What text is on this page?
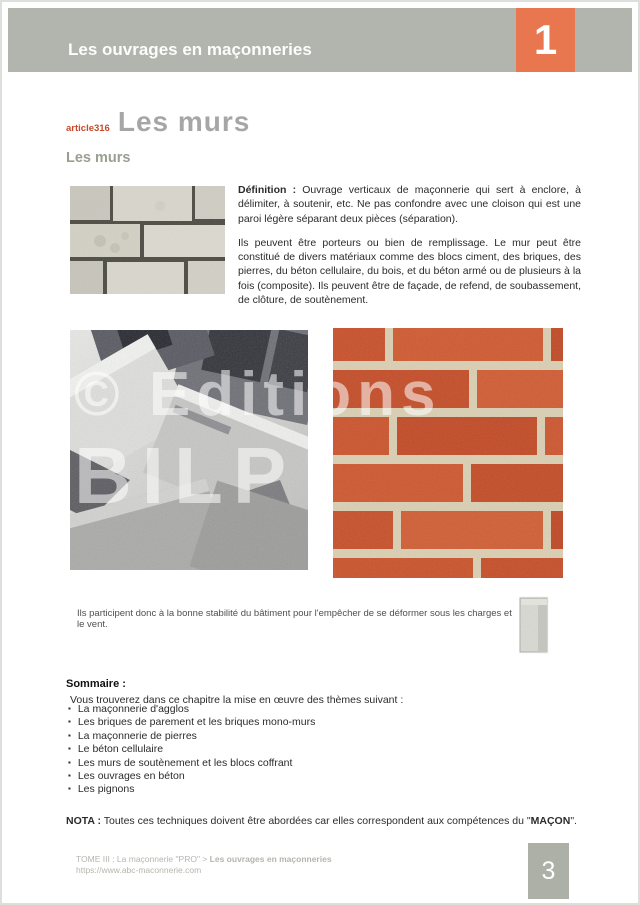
Les ouvrages en maçonneries	1
article316 Les murs
Les murs

Définition : Ouvrage verticaux de maçonnerie qui sert à enclore, à délimiter, à soutenir, etc. Ne pas confondre avec une cloison qui est une paroi légère séparant deux pièces (séparation).

Ils peuvent être porteurs ou bien de remplissage. Le mur peut être constitué de divers matériaux comme des blocs ciment, des briques, des pierres, du béton cellulaire, du bois, et du béton armé ou de plusieurs à la fois (composite). Ils peuvent être de façade, de refend, de soubassement, de clôture, de soutènement.

© Editions
BILP

Ils participent donc à la bonne stabilité du bâtiment pour l'empêcher de se déformer sous les charges et le vent.

Sommaire :

Vous trouverez dans ce chapitre la mise en œuvre des thèmes suivant :

▪ La maçonnerie d'agglos
▪ Les briques de parement et les briques mono-murs
▪ La maçonnerie de pierres
▪ Le béton cellulaire
▪ Les murs de soutènement et les blocs coffrant
▪ Les ouvrages en béton
▪ Les pignons

NOTA : Toutes ces techniques doivent être abordées car elles correspondent aux compétences du "MAÇON".

TOME III : La maçonnerie "PRO" > Les ouvrages en maçonneries
https://www.abc-maconnerie.com	3
